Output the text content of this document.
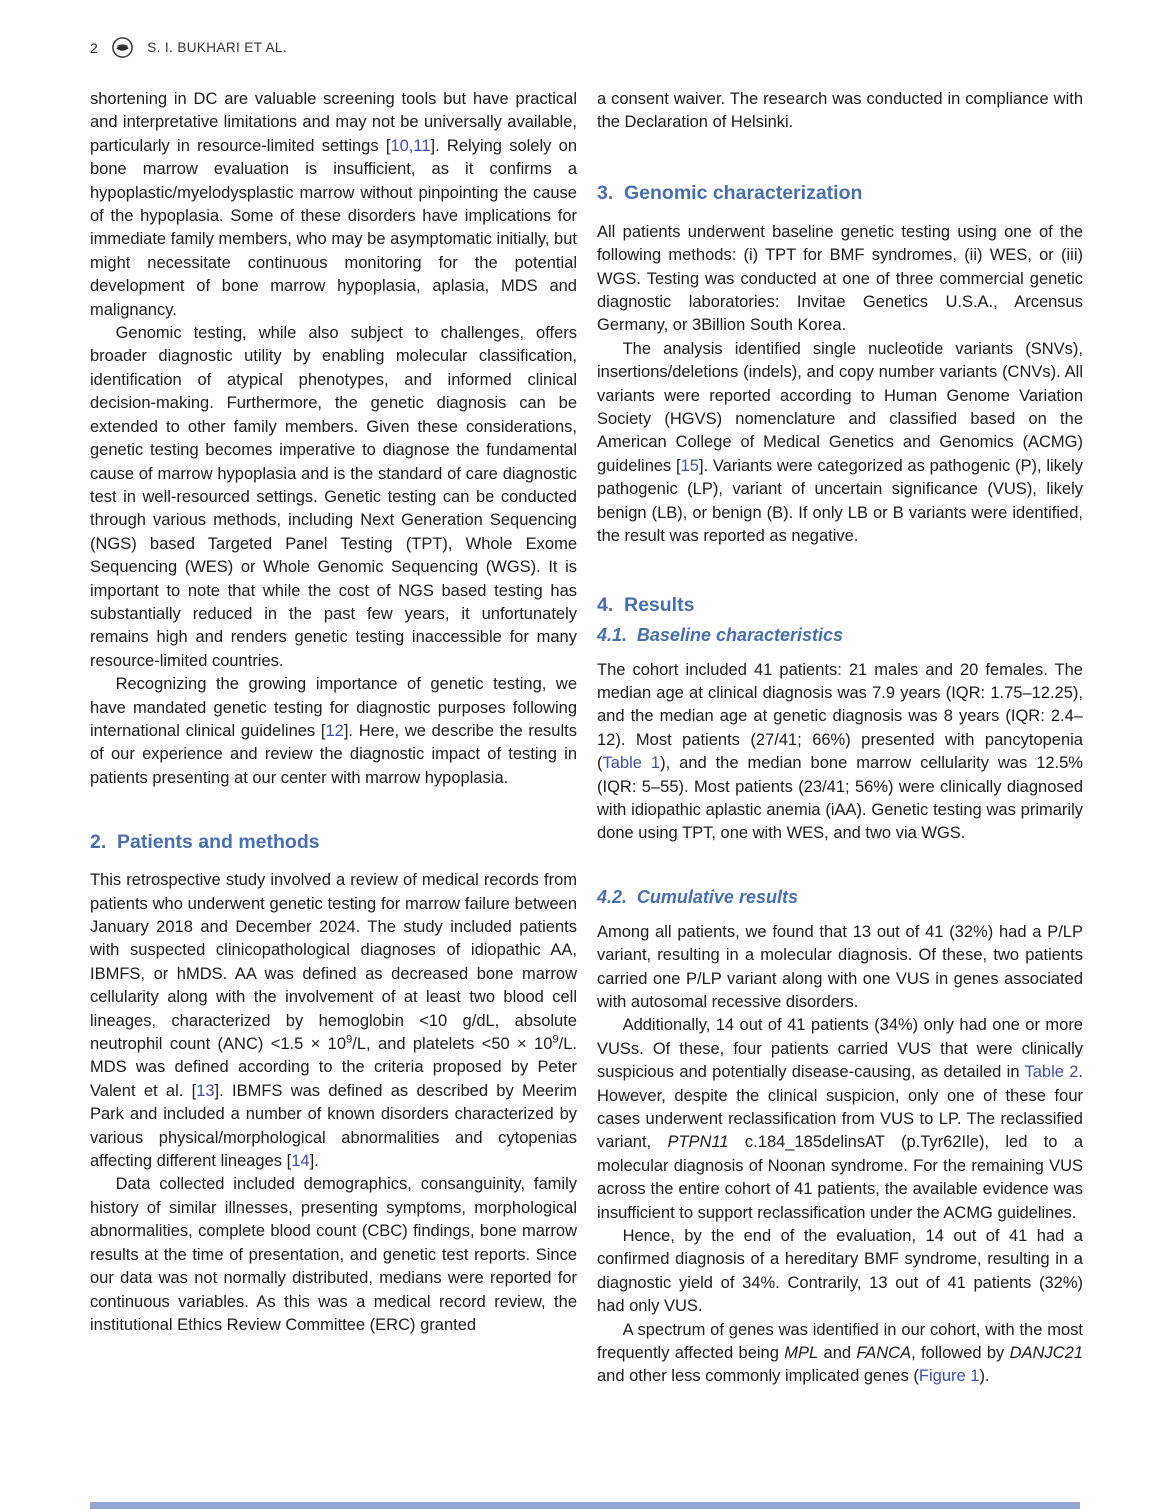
2	S. I. BUKHARI ET AL.

shortening in DC are valuable screening tools but have practical and interpretative limitations and may not be universally available, particularly in resource-limited settings [10,11]. Relying solely on bone marrow evaluation is insufficient, as it confirms a hypoplastic/myelodysplastic marrow without pinpointing the cause of the hypoplasia. Some of these disorders have implications for immediate family members, who may be asymptomatic initially, but might necessitate continuous monitoring for the potential development of bone marrow hypoplasia, aplasia, MDS and malignancy.

Genomic testing, while also subject to challenges, offers broader diagnostic utility by enabling molecular classification, identification of atypical phenotypes, and informed clinical decision-making. Furthermore, the genetic diagnosis can be extended to other family members. Given these considerations, genetic testing becomes imperative to diagnose the fundamental cause of marrow hypoplasia and is the standard of care diagnostic test in well-resourced settings. Genetic testing can be conducted through various methods, including Next Generation Sequencing (NGS) based Targeted Panel Testing (TPT), Whole Exome Sequencing (WES) or Whole Genomic Sequencing (WGS). It is important to note that while the cost of NGS based testing has substantially reduced in the past few years, it unfortunately remains high and renders genetic testing inaccessible for many resource-limited countries.

Recognizing the growing importance of genetic testing, we have mandated genetic testing for diagnostic purposes following international clinical guidelines [12]. Here, we describe the results of our experience and review the diagnostic impact of testing in patients presenting at our center with marrow hypoplasia.

2. Patients and methods

This retrospective study involved a review of medical records from patients who underwent genetic testing for marrow failure between January 2018 and December 2024. The study included patients with suspected clinicopathological diagnoses of idiopathic AA, IBMFS, or hMDS. AA was defined as decreased bone marrow cellularity along with the involvement of at least two blood cell lineages, characterized by hemoglobin <10 g/dL, absolute neutrophil count $(ANC) <1.5 \times 10^9/L$, and platelets $<50 \times 10^9/L$. MDS was defined according to the criteria proposed by Peter Valent et al. [13]. IBMFS was defined as described by Meerim Park and included a number of known disorders characterized by various physical/morphological abnormalities and cytopenias affecting different lineages [14].

Data collected included demographics, consanguinity, family history of similar illnesses, presenting symptoms, morphological abnormalities, complete blood count (CBC) findings, bone marrow results at the time of presentation, and genetic test reports. Since our data was not normally distributed, medians were reported for continuous variables. As this was a medical record review, the institutional Ethics Review Committee (ERC) granted

a consent waiver. The research was conducted in compliance with the Declaration of Helsinki.

3. Genomic characterization

All patients underwent baseline genetic testing using one of the following methods: (i) TPT for BMF syndromes, (ii) WES, or (iii) WGS. Testing was conducted at one of three commercial genetic diagnostic laboratories: Invitae Genetics U.S.A., Arcensus Germany, or 3Billion South Korea.

The analysis identified single nucleotide variants (SNVs), insertions/deletions (indels), and copy number variants (CNVs). All variants were reported according to Human Genome Variation Society (HGVS) nomenclature and classified based on the American College of Medical Genetics and Genomics (ACMG) guidelines [15]. Variants were categorized as pathogenic (P), likely pathogenic (LP), variant of uncertain significance (VUS), likely benign (LB), or benign (B). If only LB or B variants were identified, the result was reported as negative.

4. Results
4.1. Baseline characteristics

The cohort included 41 patients: 21 males and 20 females. The median age at clinical diagnosis was 7.9 years (IQR: 1.75–12.25), and the median age at genetic diagnosis was 8 years (IQR: 2.4–12). Most patients (27/41; 66%) presented with pancytopenia (Table 1), and the median bone marrow cellularity was 12.5% (IQR: 5–55). Most patients (23/41; 56%) were clinically diagnosed with idiopathic aplastic anemia (iAA). Genetic testing was primarily done using TPT, one with WES, and two via WGS.

4.2. Cumulative results

Among all patients, we found that 13 out of 41 (32%) had a P/LP variant, resulting in a molecular diagnosis. Of these, two patients carried one P/LP variant along with one VUS in genes associated with autosomal recessive disorders.

Additionally, 14 out of 41 patients (34%) only had one or more VUSs. Of these, four patients carried VUS that were clinically suspicious and potentially disease-causing, as detailed in Table 2. However, despite the clinical suspicion, only one of these four cases underwent reclassification from VUS to LP. The reclassified variant, PTPN11 c.184_185delinsAT (p.Tyr62Ile), led to a molecular diagnosis of Noonan syndrome. For the remaining VUS across the entire cohort of 41 patients, the available evidence was insufficient to support reclassification under the ACMG guidelines.

Hence, by the end of the evaluation, 14 out of 41 had a confirmed diagnosis of a hereditary BMF syndrome, resulting in a diagnostic yield of 34%. Contrarily, 13 out of 41 patients (32%) had only VUS.

A spectrum of genes was identified in our cohort, with the most frequently affected being MPL and FANCA, followed by DANJC21 and other less commonly implicated genes (Figure 1).
